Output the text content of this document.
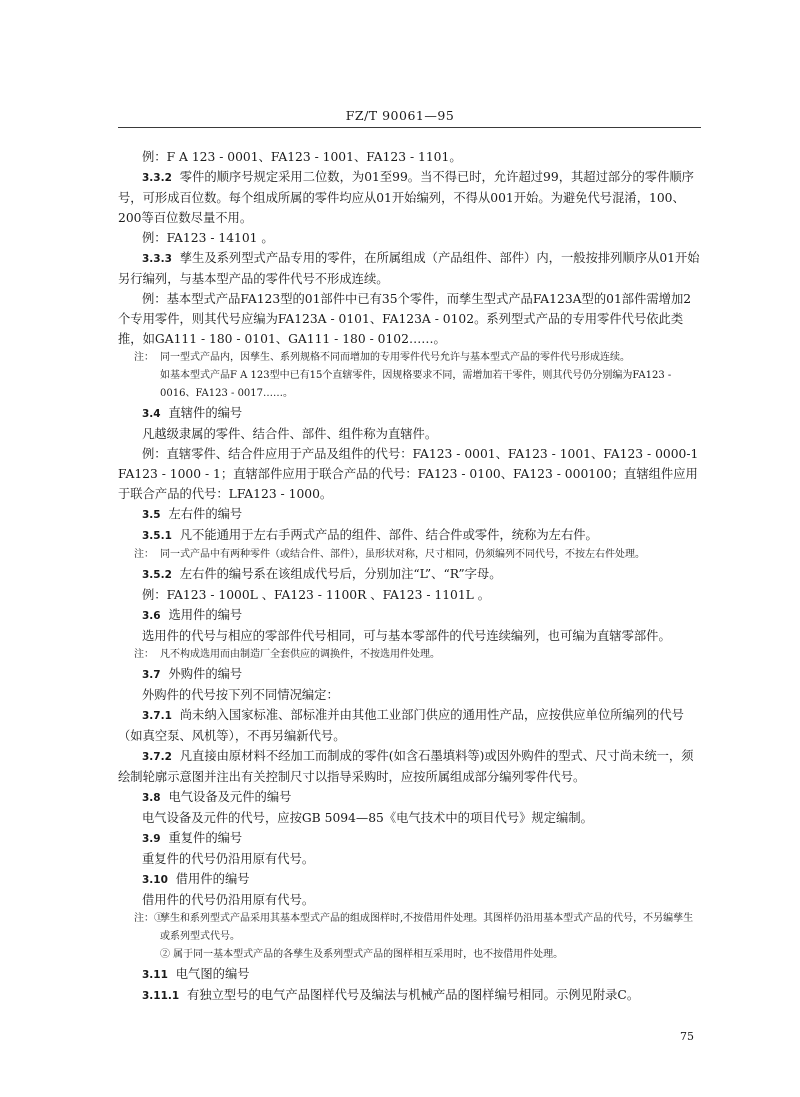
FZ/T 90061—95
例：F A 123 - 0001、FA123 - 1001、FA123 - 1101。
3.3.2 零件的顺序号规定采用二位数，为01至99。当不得已时，允许超过99，其超过部分的零件顺序号，可形成百位数。每个组成所属的零件均应从01开始编列，不得从001开始。为避免代号混淆，100、200等百位数尽量不用。
例：FA123 - 14101 。
3.3.3 孳生及系列型式产品专用的零件，在所属组成（产品组件、部件）内，一般按排列顺序从01开始另行编列，与基本型产品的零件代号不形成连续。
例：基本型式产品FA123型的01部件中已有35个零件，而孳生型式产品FA123A型的01部件需增加2个专用零件，则其代号应编为FA123A - 0101、FA123A - 0102。系列型式产品的专用零件代号依此类推，如GA111 - 180 - 0101、GA111 - 180 - 0102……。
注： 同一型式产品内，因孳生、系列规格不同而增加的专用零件代号允许与基本型式产品的零件代号形成连续。
如基本型式产品F A 123型中已有15个直辖零件，因规格要求不同，需增加若干零件，则其代号仍分别编为FA123 - 0016、FA123 - 0017……。
3.4 直辖件的编号
凡越级隶属的零件、结合件、部件、组件称为直辖件。
例：直辖零件、结合件应用于产品及组件的代号：FA123 - 0001、FA123 - 1001、FA123 - 0000-1 FA123 - 1000 - 1；直辖部件应用于联合产品的代号：FA123 - 0100、FA123 - 000100；直辖组件应用于联合产品的代号：LFA123 - 1000。
3.5 左右件的编号
3.5.1 凡不能通用于左右手两式产品的组件、部件、结合件或零件，统称为左右件。
注： 同一式产品中有两种零件（或结合件、部件），虽形状对称，尺寸相同，仍须编列不同代号，不按左右件处理。
3.5.2 左右件的编号系在该组成代号后，分别加注“L”、“R”字母。
例：FA123 - 1000L 、FA123 - 1100R 、FA123 - 1101L 。
3.6 选用件的编号
选用件的代号与相应的零部件代号相同，可与基本零部件的代号连续编列，也可编为直辖零部件。
注： 凡不构成选用而由制造厂全套供应的调换件，不按选用件处理。
3.7 外购件的编号
外购件的代号按下列不同情况编定：
3.7.1 尚未纳入国家标准、部标准并由其他工业部门供应的通用性产品，应按供应单位所编列的代号（如真空泵、风机等），不再另编新代号。
3.7.2 凡直接由原材料不经加工而制成的零件(如含石墨填料等)或因外购件的型式、尺寸尚未统一，须绘制轮廓示意图并注出有关控制尺寸以指导采购时，应按所属组成部分编列零件代号。
3.8 电气设备及元件的编号
电气设备及元件的代号，应按GB 5094—85《电气技术中的项目代号》规定编制。
3.9 重复件的编号
重复件的代号仍沿用原有代号。
3.10 借用件的编号
借用件的代号仍沿用原有代号。
注：①
孳生和系列型式产品采用其基本型式产品的组成图样时,不按借用件处理。其图样仍沿用基本型式产品的代号，不另编孳生或系列型式代号。
② 属于同一基本型式产品的各孳生及系列型式产品的图样相互采用时，也不按借用件处理。
3.11 电气图的编号
3.11.1 有独立型号的电气产品图样代号及编法与机械产品的图样编号相同。示例见附录C。
75
